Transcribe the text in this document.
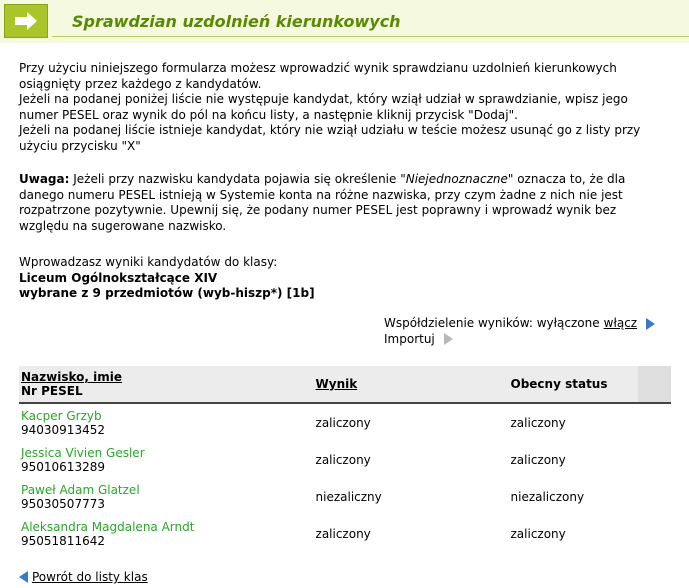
Sprawdzian uzdolnień kierunkowych

Przy użyciu niniejszego formularza możesz wprowadzić wynik sprawdzianu uzdolnień kierunkowych osiągnięty przez każdego z kandydatów.

Jeżeli na podanej poniżej liście nie występuje kandydat, który wziął udział w sprawdzianie, wpisz jego numer PESEL oraz wynik do pól na końcu listy, a następnie kliknij przycisk "Dodaj".

Jeżeli na podanej liście istnieje kandydat, który nie wziął udziału w teście możesz usunąć go z listy przy użyciu przycisku "X"

Uwaga: Jeżeli przy nazwisku kandydata pojawia się określenie "Niejednoznaczne" oznacza to, że dla danego numeru PESEL istnieją w Systemie konta na różne nazwiska, przy czym żadne z nich nie jest rozpatrzone pozytywnie. Upewnij się, że podany numer PESEL jest poprawny i wprowadź wynik bez względu na sugerowane nazwisko.
Wprowadzasz wyniki kandydatów do klasy:
Liceum Ogólnokształcące XIV
wybrane z 9 przedmiotów (wyb-hiszp*) [1b]
Współdzielenie wyników: wyłączone włącz
Importuj
Nazwisko, imie
Nr PESEL	Wynik	Obecny status	

Kacper Grzyb
94030913452	zaliczony	zaliczony	

Jessica Vivien Gesler
95010613289	zaliczony	zaliczony	

Paweł Adam Glatzel
95030507773	niezaliczny	niezaliczony	

Aleksandra Magdalena Arndt
95051811642	zaliczony	zaliczony	
Powrót do listy klas
